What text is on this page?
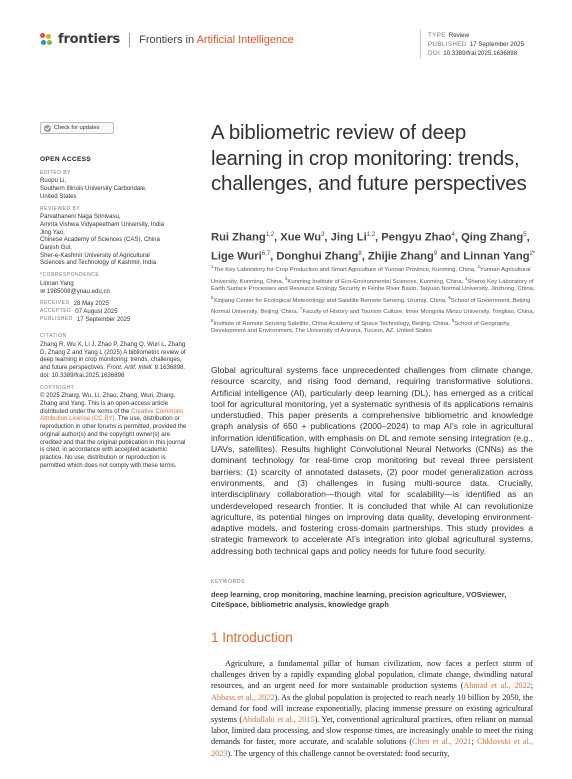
frontiers Frontiers in Artificial Intelligence	TYPE Review
PUBLISHED 17 September 2025
DOI 10.3389/frai.2025.1636898
Check for updates
OPEN ACCESS
EDITED BY
Ruopu Li,
Southern Illinois University Carbondale,
United States
REVIEWED BY
Parvathaneni Naga Srinivasu,
Amrita Vishwa Vidyapeetham University, India
Jing Yao,
Chinese Academy of Sciences (CAS), China
Danish Gul,
Sher-e-Kashmir University of Agricultural
Sciences and Technology of Kashmir, India
*CORRESPONDENCE
Linnan Yang
✉ 1985008@ynau.edu.cn
RECEIVED 28 May 2025
ACCEPTED 07 August 2025
PUBLISHED 17 September 2025
CITATION
Zhang R, Wu X, Li J, Zhao P, Zhang Q, Wuri L, Zhang D, Zhang Z and Yang L (2025) A bibliometric review of deep learning in crop monitoring: trends, challenges, and future perspectives. Front. Artif. Intell. 8:1636898.
doi: 10.3389/frai.2025.1636898
COPYRIGHT
© 2025 Zhang, Wu, Li, Zhao, Zhang, Wuri, Zhang, Zhang and Yang. This is an open-access article distributed under the terms of the Creative Commons Attribution License (CC BY). The use, distribution or reproduction in other forums is permitted, provided the original author(s) and the copyright owner(s) are credited and that the original publication in this journal is cited, in accordance with accepted academic practice. No use, distribution or reproduction is permitted which does not comply with these terms.
A bibliometric review of deep learning in crop monitoring: trends, challenges, and future perspectives
Rui Zhang$^{1,2}$, Xue Wu$^3$, Jing Li$^{1,2}$, Pengyu Zhao$^4$, Qing Zhang$^5$, Lige Wuri$^{6,7}$, Donghui Zhang$^8$, Zhijie Zhang$^9$ and Linnan Yang$^{2*}$
$^1$The Key Laboratory for Crop Production and Smart Agriculture of Yunnan Province, Kunming, China, $^2$Yunnan Agricultural University, Kunming, China, $^3$Kunming Institute of Eco-Environmental Sciences, Kunming, China, $^4$Shanxi Key Laboratory of Earth Surface Processes and Resource Ecology Security in Fenhe River Basin, Taiyuan Normal University, Jinzhong, China, $^5$Xinjiang Center for Ecological Meteorology and Satellite Remote Sensing, Urumqi, China, $^6$School of Government, Beijing Normal University, Beijing, China, $^7$Faculty of History and Tourism Culture, Inner Mongolia Minzu University, Tongliao, China, $^8$Institute of Remote Sensing Satellite, China Academy of Space Technology, Beijing, China, $^9$School of Geography, Development and Environment, The University of Arizona, Tucson, AZ, United States
Global agricultural systems face unprecedented challenges from climate change, resource scarcity, and rising food demand, requiring transformative solutions. Artificial intelligence (AI), particularly deep learning (DL), has emerged as a critical tool for agricultural monitoring, yet a systematic synthesis of its applications remains understudied. This paper presents a comprehensive bibliometric and knowledge graph analysis of 650 + publications (2000–2024) to map AI's role in agricultural information identification, with emphasis on DL and remote sensing integration (e.g., UAVs, satellites). Results highlight Convolutional Neural Networks (CNNs) as the dominant technology for real-time crop monitoring but reveal three persistent barriers: (1) scarcity of annotated datasets, (2) poor model generalization across environments, and (3) challenges in fusing multi-source data. Crucially, interdisciplinary collaboration—though vital for scalability—is identified as an underdeveloped research frontier. It is concluded that while AI can revolutionize agriculture, its potential hinges on improving data quality, developing environment-adaptive models, and fostering cross-domain partnerships. This study provides a strategic framework to accelerate AI's integration into global agricultural systems, addressing both technical gaps and policy needs for future food security.
KEYWORDS
deep learning, crop monitoring, machine learning, precision agriculture, VOSviewer, CiteSpace, bibliometric analysis, knowledge graph
1 Introduction

Agriculture, a fundamental pillar of human civilization, now faces a perfect storm of challenges driven by a rapidly expanding global population, climate change, dwindling natural resources, and an urgent need for more sustainable production systems (Ahmad et al., 2022; Abbass et al., 2022). As the global population is projected to reach nearly 10 billion by 2050, the demand for food will increase exponentially, placing immense pressure on existing agricultural systems (Abdullahi et al., 2015). Yet, conventional agricultural practices, often reliant on manual labor, limited data processing, and slow response times, are increasingly unable to meet the rising demands for faster, more accurate, and scalable solutions (Chen et al., 2021; Chklovski et al., 2023). The urgency of this challenge cannot be overstated: food security,
